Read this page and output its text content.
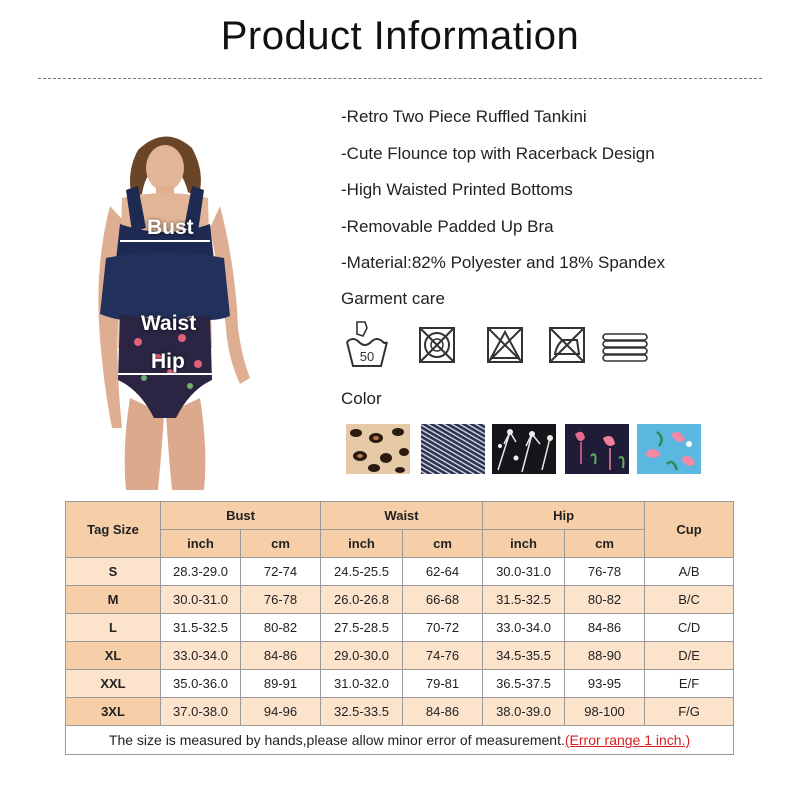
Product Information
Bust
Waist
Hip
-Retro Two Piece Ruffled Tankini
-Cute Flounce top with Racerback Design
-High Waisted Printed Bottoms
-Removable Padded Up Bra
-Material:82% Polyester and 18% Spandex
Garment care
50
Color
Tag Size	Bust		Waist		Hip		Cup
	inch	cm	inch	cm	inch	cm	
S	28.3-29.0	72-74	24.5-25.5	62-64	30.0-31.0	76-78	A/B
M	30.0-31.0	76-78	26.0-26.8	66-68	31.5-32.5	80-82	B/C
L	31.5-32.5	80-82	27.5-28.5	70-72	33.0-34.0	84-86	C/D
XL	33.0-34.0	84-86	29.0-30.0	74-76	34.5-35.5	88-90	D/E
XXL	35.0-36.0	89-91	31.0-32.0	79-81	36.5-37.5	93-95	E/F
3XL	37.0-38.0	94-96	32.5-33.5	84-86	38.0-39.0	98-100	F/G
The size is measured by hands,please allow minor error of measurement.(Error range 1 inch.)							
